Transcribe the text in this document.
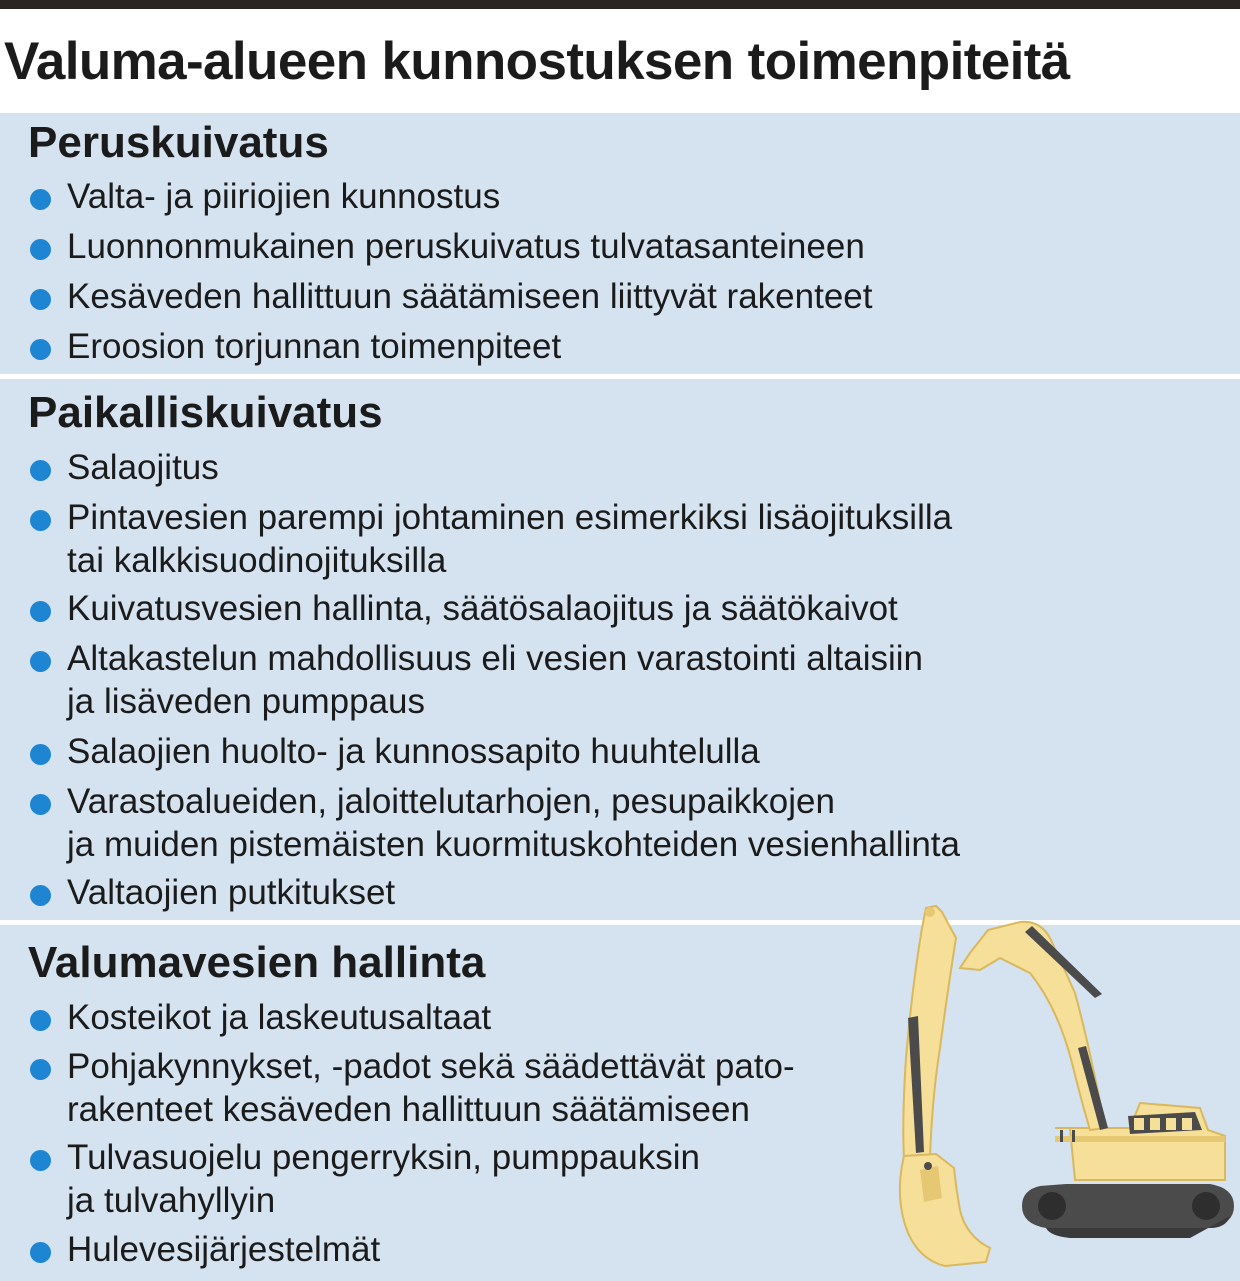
Valuma-alueen kunnostuksen toimenpiteitä
Peruskuivatus
Valta- ja piiriojien kunnostus
Luonnonmukainen peruskuivatus tulvatasanteineen
Kesäveden hallittuun säätämiseen liittyvät rakenteet
Eroosion torjunnan toimenpiteet
Paikalliskuivatus
Salaojitus
Pintavesien parempi johtaminen esimerkiksi lisäojituksilla
tai kalkkisuodinojituksilla
Kuivatusvesien hallinta, säätösalaojitus ja säätökaivot
Altakastelun mahdollisuus eli vesien varastointi altaisiin
ja lisäveden pumppaus
Salaojien huolto- ja kunnossapito huuhtelulla
Varastoalueiden, jaloittelutarhojen, pesupaikkojen
ja muiden pistemäisten kuormituskohteiden vesienhallinta
Valtaojien putkitukset
Valumavesien hallinta
Kosteikot ja laskeutusaltaat
Pohjakynnykset, -padot sekä säädettävät pato-
rakenteet kesäveden hallittuun säätämiseen
Tulvasuojelu pengerryksin, pumppauksin
ja tulvahyllyin
Hulevesijärjestelmät
